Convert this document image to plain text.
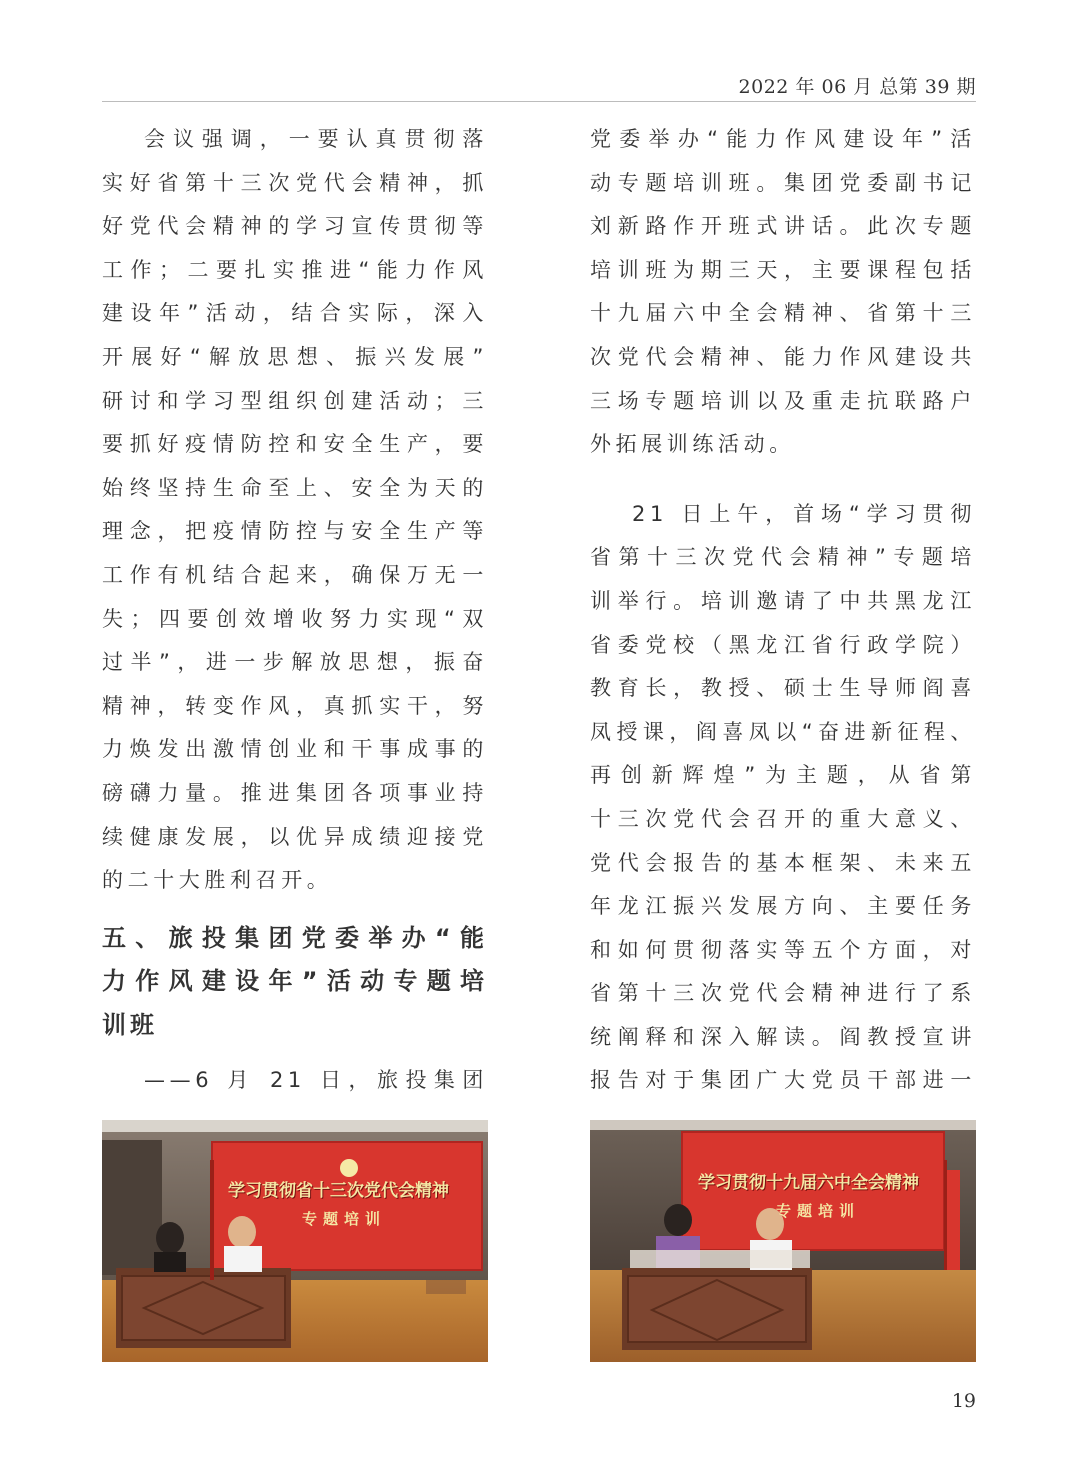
2022 年 06 月 总第 39 期
会议强调，一要认真贯彻落
实好省第十三次党代会精神，抓
好党代会精神的学习宣传贯彻等
工作；二要扎实推进“能力作风
建设年”活动，结合实际，深入
开展好“解放思想、振兴发展”
研讨和学习型组织创建活动；三
要抓好疫情防控和安全生产，要
始终坚持生命至上、安全为天的
理念，把疫情防控与安全生产等
工作有机结合起来，确保万无一
失；四要创效增收努力实现“双
过半”，进一步解放思想，振奋
精神，转变作风，真抓实干，努
力焕发出激情创业和干事成事的
磅礴力量。推进集团各项事业持
续健康发展，以优异成绩迎接党
的二十大胜利召开。
五、旅投集团党委举办“能
力作风建设年”活动专题培
训班
——6 月 21 日，旅投集团
党委举办“能力作风建设年”活
动专题培训班。集团党委副书记
刘新路作开班式讲话。此次专题
培训班为期三天，主要课程包括
十九届六中全会精神、省第十三
次党代会精神、能力作风建设共
三场专题培训以及重走抗联路户
外拓展训练活动。
21 日上午，首场“学习贯彻
省第十三次党代会精神”专题培
训举行。培训邀请了中共黑龙江
省委党校（黑龙江省行政学院）
教育长，教授、硕士生导师阎喜
凤授课，阎喜凤以“奋进新征程、
再创新辉煌”为主题，从省第
十三次党代会召开的重大意义、
党代会报告的基本框架、未来五
年龙江振兴发展方向、主要任务
和如何贯彻落实等五个方面，对
省第十三次党代会精神进行了系
统阐释和深入解读。阎教授宣讲
报告对于集团广大党员干部进一
学习贯彻省十三次党代会精神
专题培训
学习贯彻十九届六中全会精神
专题培训
19
